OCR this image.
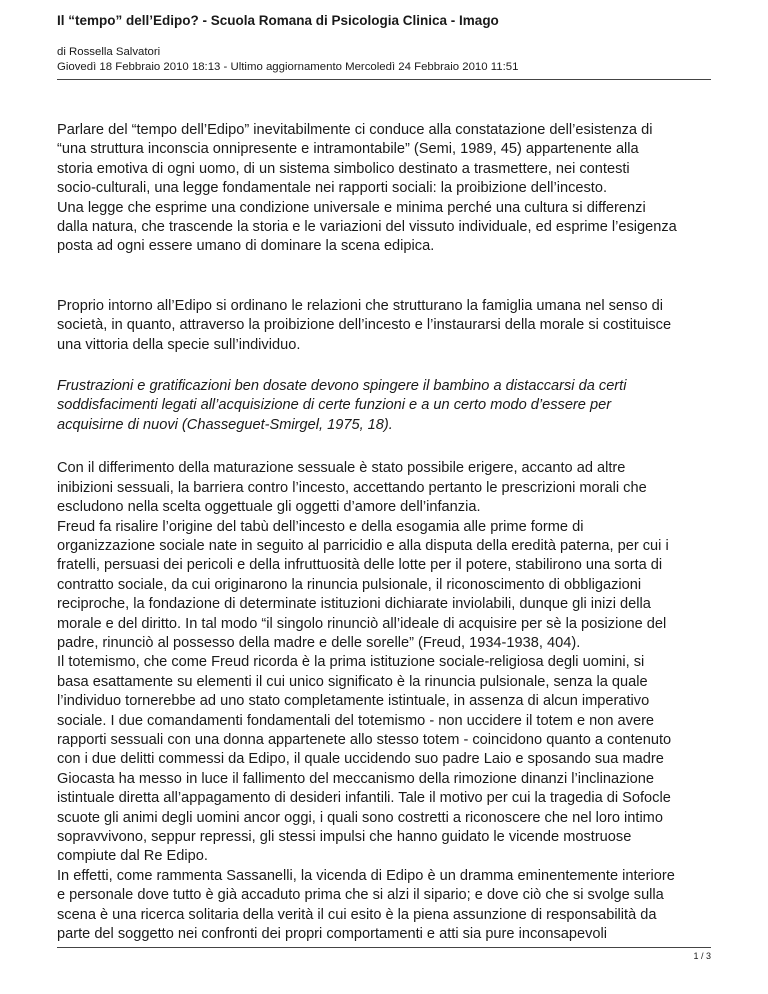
Il “tempo” dell’Edipo? - Scuola Romana di Psicologia Clinica - Imago
di Rossella Salvatori
Giovedì 18 Febbraio 2010 18:13 - Ultimo aggiornamento Mercoledì 24 Febbraio 2010 11:51
Parlare del “tempo dell’Edipo” inevitabilmente ci conduce alla constatazione dell’esistenza di
“una struttura inconscia onnipresente e intramontabile” (Semi, 1989, 45) appartenente alla
storia emotiva di ogni uomo, di un sistema simbolico destinato a trasmettere, nei contesti
socio-culturali, una legge fondamentale nei rapporti sociali: la proibizione dell’incesto.
Una legge che esprime una condizione universale e minima perché una cultura si differenzi
dalla natura, che trascende la storia e le variazioni del vissuto individuale, ed esprime l’esigenza
posta ad ogni essere umano di dominare la scena edipica.
Proprio intorno all’Edipo si ordinano le relazioni che strutturano la famiglia umana nel senso di
società, in quanto, attraverso la proibizione dell’incesto e l’instaurarsi della morale si costituisce
una vittoria della specie sull’individuo.
Frustrazioni e gratificazioni ben dosate devono spingere il bambino a distaccarsi da certi
soddisfacimenti legati all’acquisizione di certe funzioni e a un certo modo d’essere per
acquisirne di nuovi (Chasseguet-Smirgel, 1975, 18).
Con il differimento della maturazione sessuale è stato possibile erigere, accanto ad altre
inibizioni sessuali, la barriera contro l’incesto, accettando pertanto le prescrizioni morali che
escludono nella scelta oggettuale gli oggetti d’amore dell’infanzia.
Freud fa risalire l’origine del tabù dell’incesto e della esogamia alle prime forme di
organizzazione sociale nate in seguito al parricidio e alla disputa della eredità paterna, per cui i
fratelli, persuasi dei pericoli e della infruttuosità delle lotte per il potere, stabilirono una sorta di
contratto sociale, da cui originarono la rinuncia pulsionale, il riconoscimento di obbligazioni
reciproche, la fondazione di determinate istituzioni dichiarate inviolabili, dunque gli inizi della
morale e del diritto. In tal modo “il singolo rinunciò all’ideale di acquisire per sè la posizione del
padre, rinunciò al possesso della madre e delle sorelle” (Freud, 1934-1938, 404).
Il totemismo, che come Freud ricorda è la prima istituzione sociale-religiosa degli uomini, si
basa esattamente su elementi il cui unico significato è la rinuncia pulsionale, senza la quale
l’individuo tornerebbe ad uno stato completamente istintuale, in assenza di alcun imperativo
sociale. I due comandamenti fondamentali del totemismo - non uccidere il totem e non avere
rapporti sessuali con una donna appartenete allo stesso totem - coincidono quanto a contenuto
con i due delitti commessi da Edipo, il quale uccidendo suo padre Laio e sposando sua madre
Giocasta ha messo in luce il fallimento del meccanismo della rimozione dinanzi l’inclinazione
istintuale diretta all’appagamento di desideri infantili. Tale il motivo per cui la tragedia di Sofocle
scuote gli animi degli uomini ancor oggi, i quali sono costretti a riconoscere che nel loro intimo
sopravvivono, seppur repressi, gli stessi impulsi che hanno guidato le vicende mostruose
compiute dal Re Edipo.
In effetti, come rammenta Sassanelli, la vicenda di Edipo è un dramma eminentemente interiore
e personale dove tutto è già accaduto prima che si alzi il sipario; e dove ciò che si svolge sulla
scena è una ricerca solitaria della verità il cui esito è la piena assunzione di responsabilità da
parte del soggetto nei confronti dei propri comportamenti e atti sia pure inconsapevoli
1 / 3
